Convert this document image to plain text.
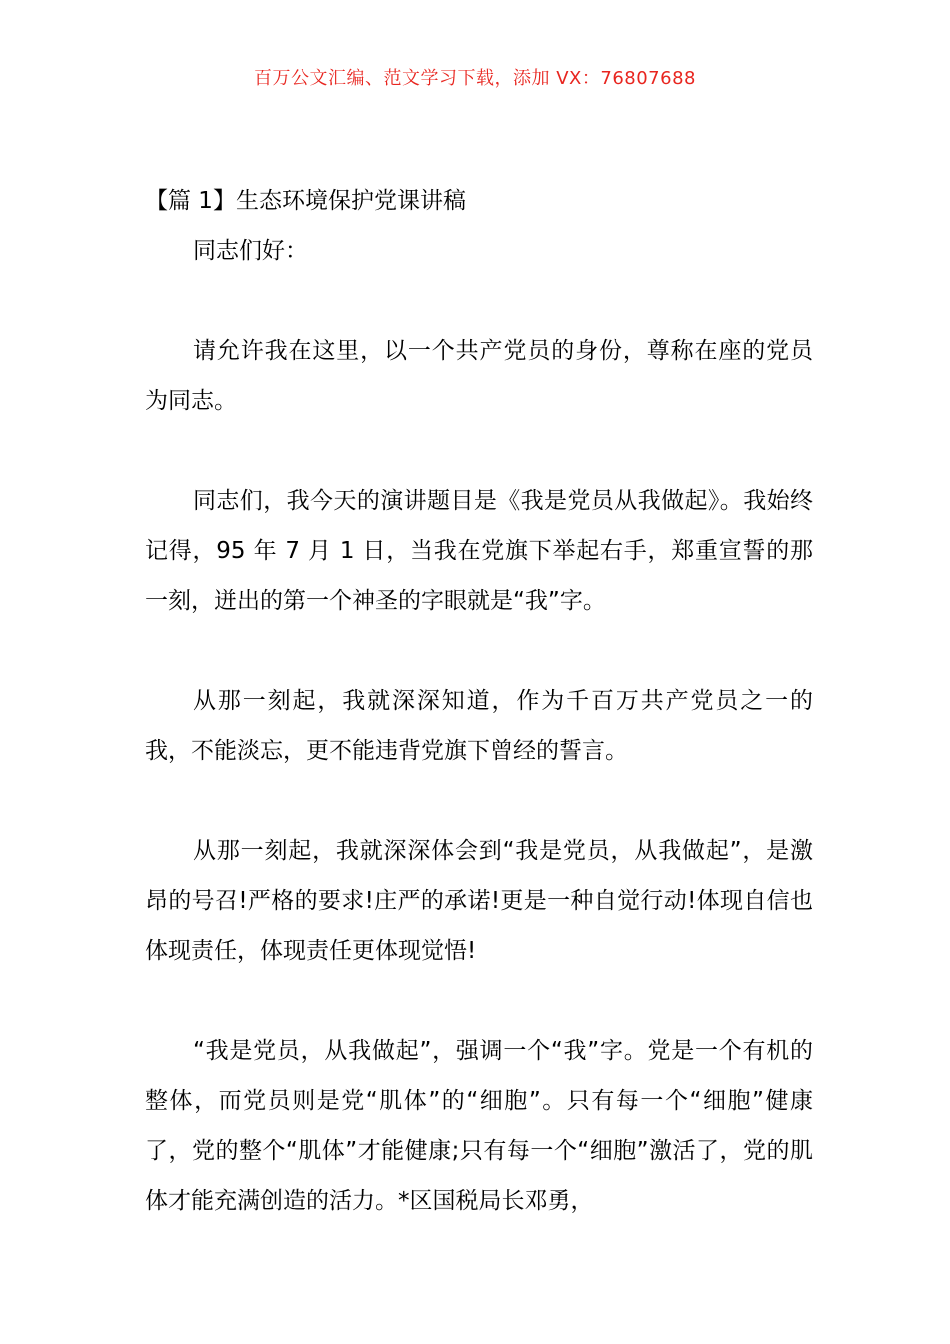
百万公文汇编、范文学习下载，添加 VX：76807688
【篇 1】生态环境保护党课讲稿

同志们好：

请允许我在这里，以一个共产党员的身份，尊称在座的党员为同志。

同志们，我今天的演讲题目是《我是党员从我做起》。我始终记得，95 年 7 月 1 日，当我在党旗下举起右手，郑重宣誓的那一刻，迸出的第一个神圣的字眼就是“我”字。

从那一刻起，我就深深知道，作为千百万共产党员之一的我，不能淡忘，更不能违背党旗下曾经的誓言。

从那一刻起，我就深深体会到“我是党员，从我做起”，是激昂的号召!严格的要求!庄严的承诺!更是一种自觉行动!体现自信也体现责任，体现责任更体现觉悟!

“我是党员，从我做起”，强调一个“我”字。党是一个有机的整体，而党员则是党“肌体”的“细胞”。只有每一个“细胞”健康了，党的整个“肌体”才能健康;只有每一个“细胞”激活了，党的肌体才能充满创造的活力。*区国税局长邓勇，
